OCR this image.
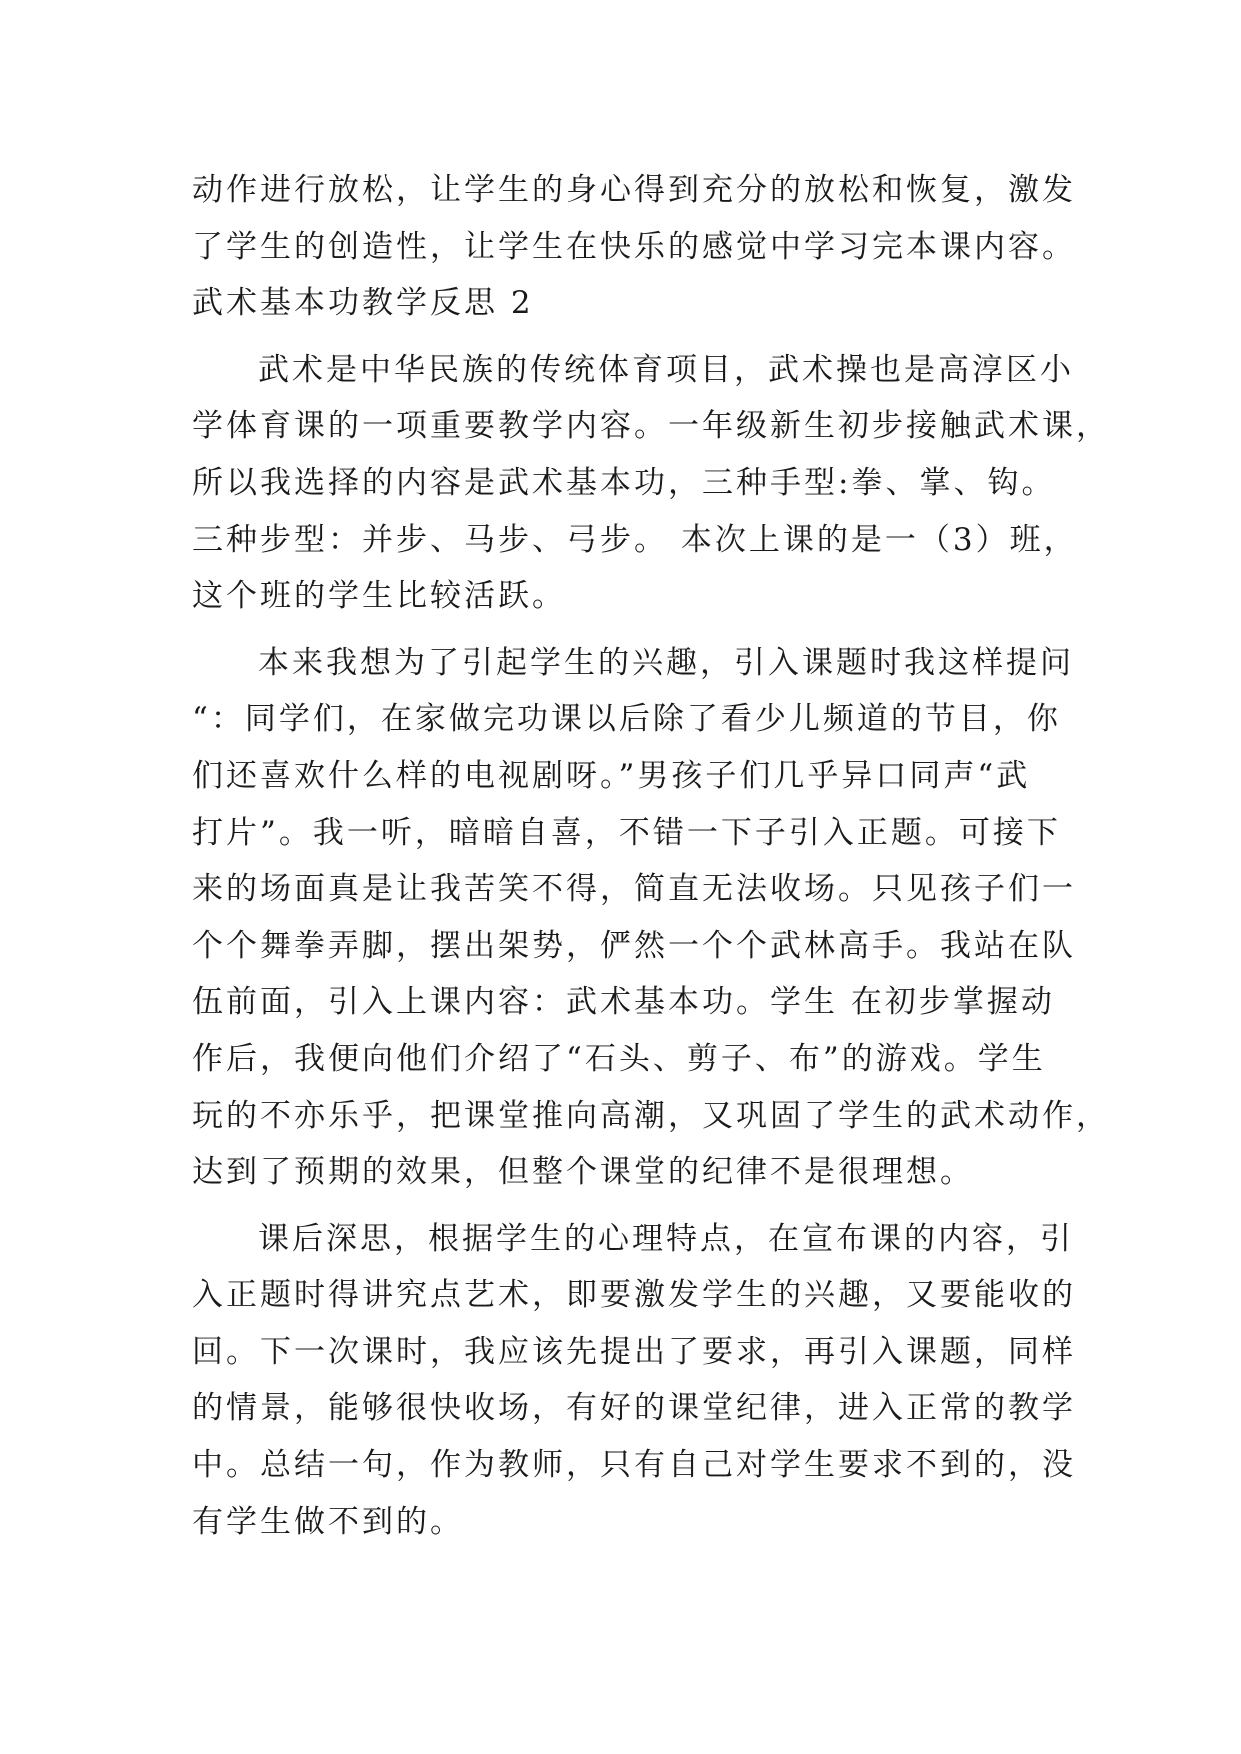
动作进行放松，让学生的身心得到充分的放松和恢复，激发
了学生的创造性，让学生在快乐的感觉中学习完本课内容。
武术基本功教学反思 2
武术是中华民族的传统体育项目，武术操也是高淳区小
学体育课的一项重要教学内容。一年级新生初步接触武术课，
所以我选择的内容是武术基本功，三种手型:拳、掌、钩。
三种步型：并步、马步、弓步。 本次上课的是一（3）班，
这个班的学生比较活跃。
本来我想为了引起学生的兴趣，引入课题时我这样提问
“：同学们，在家做完功课以后除了看少儿频道的节目，你
们还喜欢什么样的电视剧呀。”男孩子们几乎异口同声“武
打片”。我一听，暗暗自喜，不错一下子引入正题。可接下
来的场面真是让我苦笑不得，简直无法收场。只见孩子们一
个个舞拳弄脚，摆出架势，俨然一个个武林高手。我站在队
伍前面，引入上课内容：武术基本功。学生 在初步掌握动
作后，我便向他们介绍了“石头、剪子、布”的游戏。学生
玩的不亦乐乎，把课堂推向高潮，又巩固了学生的武术动作，
达到了预期的效果，但整个课堂的纪律不是很理想。
课后深思，根据学生的心理特点，在宣布课的内容，引
入正题时得讲究点艺术，即要激发学生的兴趣，又要能收的
回。下一次课时，我应该先提出了要求，再引入课题，同样
的情景，能够很快收场，有好的课堂纪律，进入正常的教学
中。总结一句，作为教师，只有自己对学生要求不到的，没
有学生做不到的。
